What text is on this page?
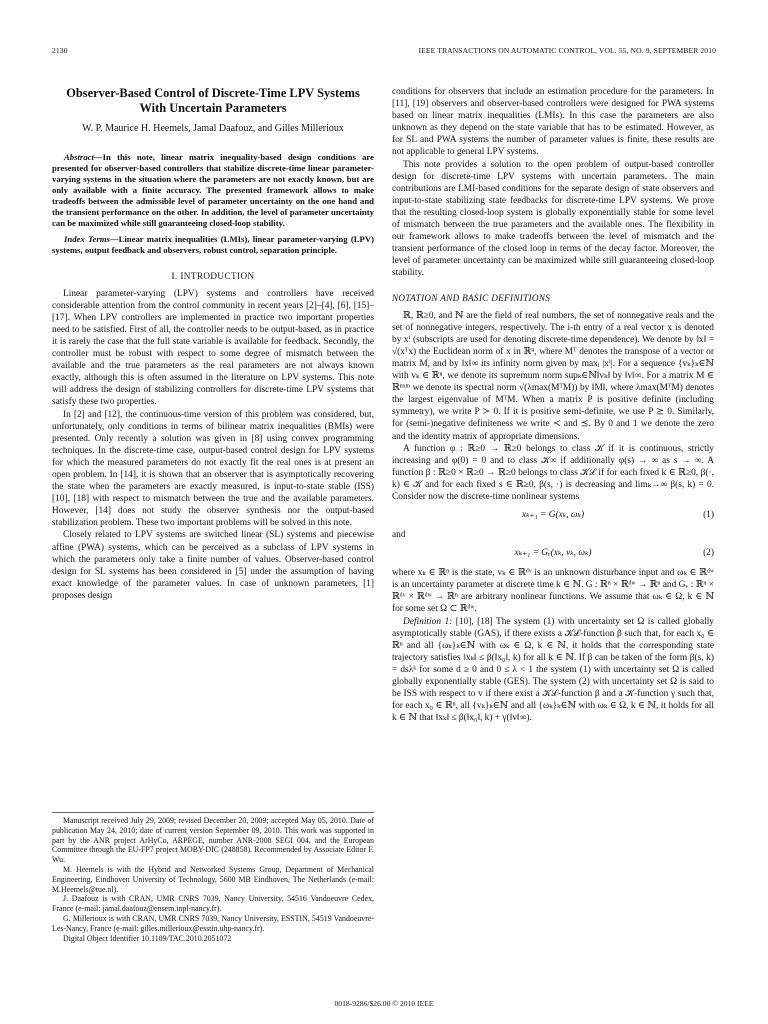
2130	IEEE TRANSACTIONS ON AUTOMATIC CONTROL, VOL. 55, NO. 9, SEPTEMBER 2010
Observer-Based Control of Discrete-Time LPV Systems With Uncertain Parameters
W. P. Maurice H. Heemels, Jamal Daafouz, and Gilles Millerioux
Abstract—In this note, linear matrix inequality-based design conditions are presented for observer-based controllers that stabilize discrete-time linear parameter-varying systems in the situation where the parameters are not exactly known, but are only available with a finite accuracy. The presented framework allows to make tradeoffs between the admissible level of parameter uncertainty on the one hand and the transient performance on the other. In addition, the level of parameter uncertainty can be maximized while still guaranteeing closed-loop stability.
Index Terms—Linear matrix inequalities (LMIs), linear parameter-varying (LPV) systems, output feedback and observers, robust control, separation principle.
I. INTRODUCTION

Linear parameter-varying (LPV) systems and controllers have received considerable attention from the control community in recent years [2]–[4], [6], [15]–[17]. When LPV controllers are implemented in practice two important properties need to be satisfied. First of all, the controller needs to be output-based, as in practice it is rarely the case that the full state variable is available for feedback. Secondly, the controller must be robust with respect to some degree of mismatch between the available and the true parameters as the real parameters are not always known exactly, although this is often assumed in the literature on LPV systems. This note will address the design of stabilizing controllers for discrete-time LPV systems that satisfy these two properties.

In [2] and [12], the continuous-time version of this problem was considered, but, unfortunately, only conditions in terms of bilinear matrix inequalities (BMIs) were presented. Only recently a solution was given in [8] using convex programming techniques. In the discrete-time case, output-based control design for LPV systems for which the measured parameters do not exactly fit the real ones is at present an open problem. In [14], it is shown that an observer that is asymptotically recovering the state when the parameters are exactly measured, is input-to-state stable (ISS) [10], [18] with respect to mismatch between the true and the available parameters. However, [14] does not study the observer synthesis nor the output-based stabilization problem. These two important problems will be solved in this note.

Closely related to LPV systems are switched linear (SL) systems and piecewise affine (PWA) systems, which can be perceived as a subclass of LPV systems in which the parameters only take a finite number of values. Observer-based control design for SL systems has been considered in [5] under the assumption of having exact knowledge of the parameter values. In case of unknown parameters, [1] proposes design

Manuscript received July 29, 2009; revised December 20, 2009; accepted May 05, 2010. Date of publication May 24, 2010; date of current version September 09, 2010. This work was supported in part by the ANR project ArHyCo, ARPEGE, number ANR-2008 SEGI 004, and the European Committee through the EU-FP7 project MOBY-DIC (248858). Recommended by Associate Editor F. Wu.

M. Heemels is with the Hybrid and Networked Systems Group, Department of Mechanical Engineering, Eindhoven University of Technology, 5600 MB Eindhoven, The Netherlands (e-mail: M.Heemels@tue.nl).

J. Daafouz is with CRAN, UMR CNRS 7039, Nancy University, 54516 Vandoeuvre Cedex, France (e-mail: jamal.daafouz@ensem.inpl-nancy.fr).

G. Millerioux is with CRAN, UMR CNRS 7039, Nancy University, ESSTIN, 54519 Vandoeuvre-Les-Nancy, France (e-mail: gilles.millerioux@esstin.uhp-nancy.fr).

Digital Object Identifier 10.1109/TAC.2010.2051072

conditions for observers that include an estimation procedure for the parameters. In [11], [19] observers and observer-based controllers were designed for PWA systems based on linear matrix inequalities (LMIs). In this case the parameters are also unknown as they depend on the state variable that has to be estimated. However, as for SL and PWA systems the number of parameter values is finite, these results are not applicable to general LPV systems.

This note provides a solution to the open problem of output-based controller design for discrete-time LPV systems with uncertain parameters. The main contributions are LMI-based conditions for the separate design of state observers and input-to-state stabilizing state feedbacks for discrete-time LPV systems. We prove that the resulting closed-loop system is globally exponentially stable for some level of mismatch between the true parameters and the available ones. The flexibility in our framework allows to make tradeoffs between the level of mismatch and the transient performance of the closed loop in terms of the decay factor. Moreover, the level of parameter uncertainty can be maximized while still guaranteeing closed-loop stability.

NOTATION AND BASIC DEFINITIONS

ℝ, ℝ≥0, and ℕ are the field of real numbers, the set of nonnegative reals and the set of nonnegative integers, respectively. The i-th entry of a real vector x is denoted by xⁱ (subscripts are used for denoting discrete-time dependence). We denote by ‖x‖ = √(xᵀx) the Euclidean norm of x in ℝⁿ, where Mᵀ denotes the transpose of a vector or matrix M, and by ‖x‖∞ its infinity norm given by maxᵢ |xⁱ|. For a sequence {vₖ}ₖ∈ℕ with vₖ ∈ ℝⁿ, we denote its supremum norm supₖ∈ℕ‖vₖ‖ by ‖v‖∞. For a matrix M ∈ ℝⁿˣᵐ we denote its spectral norm √(λmax(MᵀM)) by ‖M‖, where λmax(MᵀM) denotes the largest eigenvalue of MᵀM. When a matrix P is positive definite (including symmetry), we write P ≻ 0. If it is positive semi-definite, we use P ⪰ 0. Similarly, for (semi-)negative definiteness we write ≺ and ⪯. By 0 and 1 we denote the zero and the identity matrix of appropriate dimensions.

A function φ : ℝ≥0 → ℝ≥0 belongs to class 𝒦 if it is continuous, strictly increasing and φ(0) = 0 and to class 𝒦∞ if additionally φ(s) → ∞ as s → ∞. A function β : ℝ≥0 × ℝ≥0 → ℝ≥0 belongs to class 𝒦ℒ if for each fixed k ∈ ℝ≥0, β(·, k) ∈ 𝒦 and for each fixed s ∈ ℝ≥0, β(s, ·) is decreasing and limₖ→∞ β(s, k) = 0. Consider now the discrete-time nonlinear systems

xₖ₊₁ = G(xₖ, ωₖ)	(1)

and

xₖ₊₁ = Gᵥ(xₖ, vₖ, ωₖ)	(2)

where xₖ ∈ ℝⁿ is the state, vₖ ∈ ℝᵈᵛ is an unknown disturbance input and ωₖ ∈ ℝᵈʷ is an uncertainty parameter at discrete time k ∈ ℕ. G : ℝⁿ × ℝᵈʷ → ℝⁿ and Gᵥ : ℝⁿ × ℝᵈᵛ × ℝᵈʷ → ℝⁿ are arbitrary nonlinear functions. We assume that ωₖ ∈ Ω, k ∈ ℕ for some set Ω ⊂ ℝᵈʷ.

Definition 1: [10], [18] The system (1) with uncertainty set Ω is called globally asymptotically stable (GAS), if there exists a 𝒦ℒ-function β such that, for each x₀ ∈ ℝⁿ and all {ωₖ}ₖ∈ℕ with ωₖ ∈ Ω, k ∈ ℕ, it holds that the corresponding state trajectory satisfies ‖xₖ‖ ≤ β(‖x₀‖, k) for all k ∈ ℕ. If β can be taken of the form β(s, k) = dsλᵏ for some d ≥ 0 and 0 ≤ λ < 1 the system (1) with uncertainty set Ω is called globally exponentially stable (GES). The system (2) with uncertainty set Ω is said to be ISS with respect to v if there exist a 𝒦ℒ-function β and a 𝒦-function γ such that, for each x₀ ∈ ℝⁿ, all {vₖ}ₖ∈ℕ and all {ωₖ}ₖ∈ℕ with ωₖ ∈ Ω, k ∈ ℕ, it holds for all k ∈ ℕ that ‖xₖ‖ ≤ β(‖x₀‖, k) + γ(‖v‖∞).

0018-9286/$26.00 © 2010 IEEE
